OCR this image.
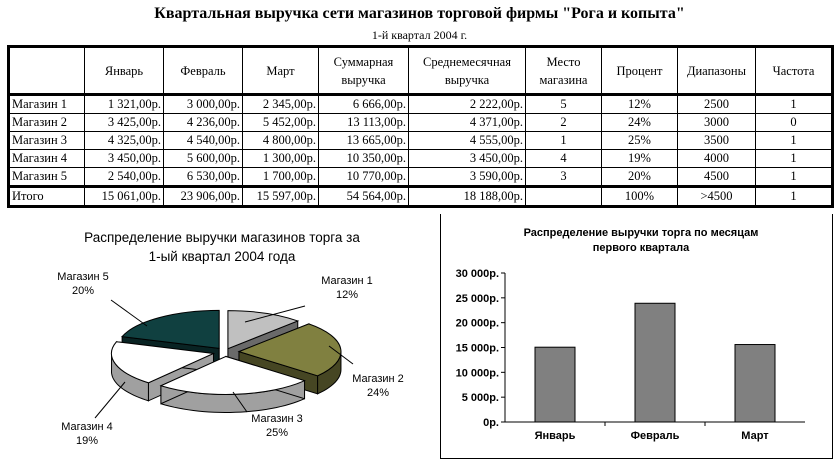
Квартальная выручка сети магазинов торговой фирмы "Рога и копыта"
1-й квартал 2004 г.
	Январь	Февраль	Март	Суммарная выручка	Среднемесячная выручка	Место магазина	Процент	Диапазоны	Частота
Магазин 1	1 321,00р.	3 000,00р.	2 345,00р.	6 666,00р.	2 222,00р.	5	12%	2500	1
Магазин 2	3 425,00р.	4 236,00р.	5 452,00р.	13 113,00р.	4 371,00р.	2	24%	3000	0
Магазин 3	4 325,00р.	4 540,00р.	4 800,00р.	13 665,00р.	4 555,00р.	1	25%	3500	1
Магазин 4	3 450,00р.	5 600,00р.	1 300,00р.	10 350,00р.	3 450,00р.	4	19%	4000	1
Магазин 5	2 540,00р.	6 530,00р.	1 700,00р.	10 770,00р.	3 590,00р.	3	20%	4500	1
Итого	15 061,00р.	23 906,00р.	15 597,00р.	54 564,00р.	18 188,00р.		100%	>4500	1
Распределение выручки магазинов торга за
1-ый квартал 2004 года
Магазин 1
12%
Магазин 2
24%
Магазин 3
25%
Магазин 4
19%
Магазин 5
20%
Распределение выручки торга по месяцам
первого квартала
0р.
5 000р.
10 000р.
15 000р.
20 000р.
25 000р.
30 000р.
Январь	Февраль	Март
